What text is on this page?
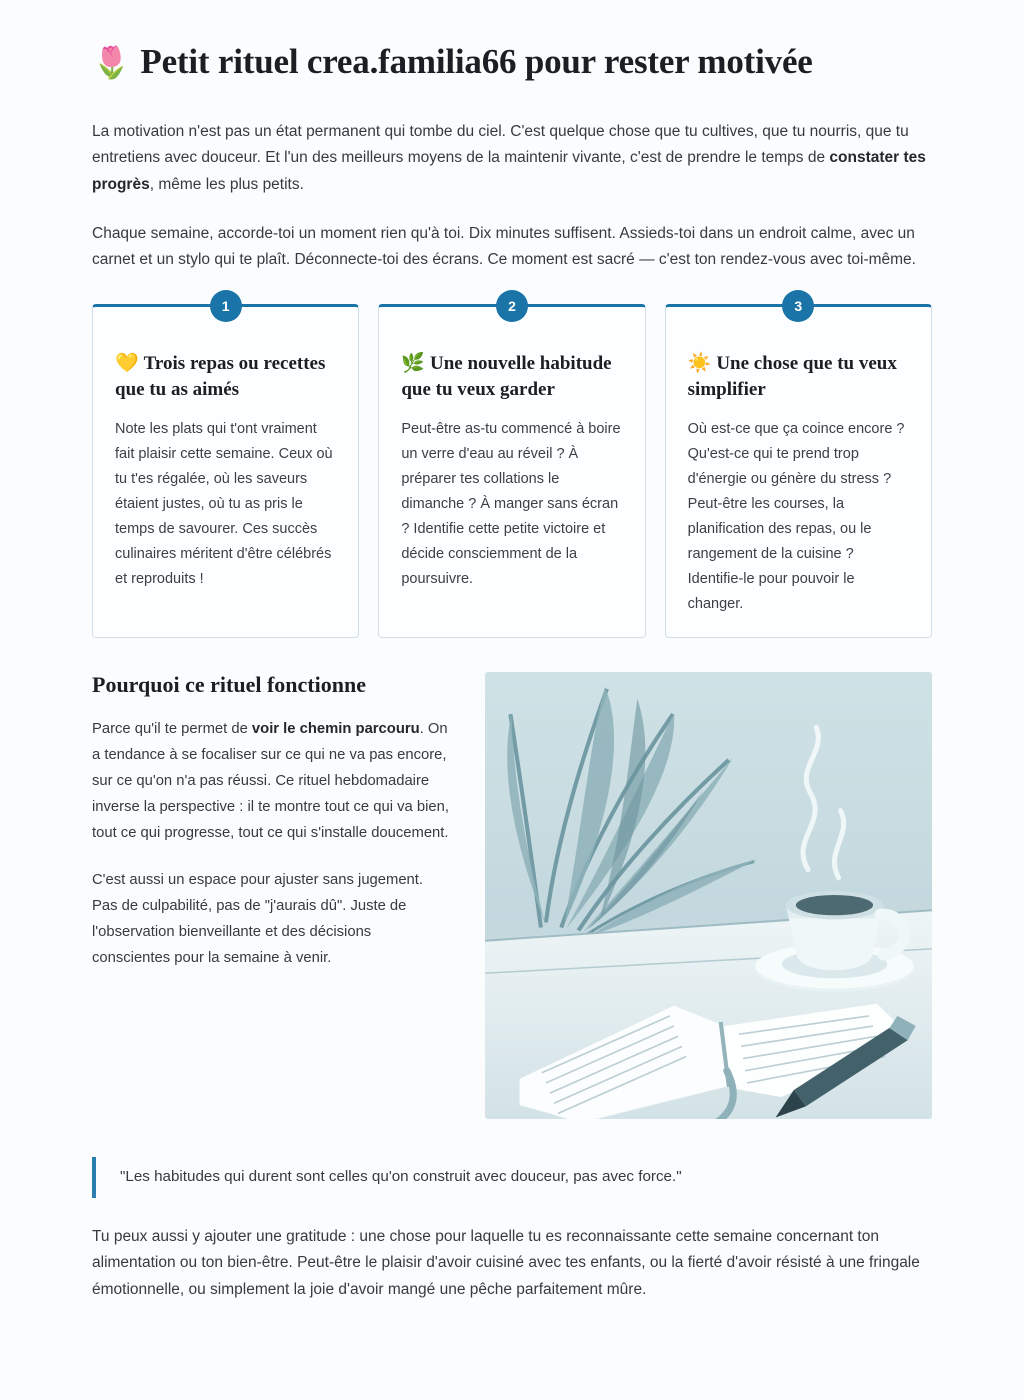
🌷 Petit rituel crea.familia66 pour rester motivée

La motivation n'est pas un état permanent qui tombe du ciel. C'est quelque chose que tu cultives, que tu nourris, que tu entretiens avec douceur. Et l'un des meilleurs moyens de la maintenir vivante, c'est de prendre le temps de constater tes progrès, même les plus petits.

Chaque semaine, accorde-toi un moment rien qu'à toi. Dix minutes suffisent. Assieds-toi dans un endroit calme, avec un carnet et un stylo qui te plaît. Déconnecte-toi des écrans. Ce moment est sacré — c'est ton rendez-vous avec toi-même.

1
💛 Trois repas ou recettes que tu as aimés

Note les plats qui t'ont vraiment fait plaisir cette semaine. Ceux où tu t'es régalée, où les saveurs étaient justes, où tu as pris le temps de savourer. Ces succès culinaires méritent d'être célébrés et reproduits !

2
🌿 Une nouvelle habitude que tu veux garder

Peut-être as-tu commencé à boire un verre d'eau au réveil ? À préparer tes collations le dimanche ? À manger sans écran ? Identifie cette petite victoire et décide consciemment de la poursuivre.

3
☀️ Une chose que tu veux simplifier

Où est-ce que ça coince encore ? Qu'est-ce qui te prend trop d'énergie ou génère du stress ? Peut-être les courses, la planification des repas, ou le rangement de la cuisine ? Identifie-le pour pouvoir le changer.

Pourquoi ce rituel fonctionne

Parce qu'il te permet de voir le chemin parcouru. On a tendance à se focaliser sur ce qui ne va pas encore, sur ce qu'on n'a pas réussi. Ce rituel hebdomadaire inverse la perspective : il te montre tout ce qui va bien, tout ce qui progresse, tout ce qui s'installe doucement.

C'est aussi un espace pour ajuster sans jugement. Pas de culpabilité, pas de "j'aurais dû". Juste de l'observation bienveillante et des décisions conscientes pour la semaine à venir.

"Les habitudes qui durent sont celles qu'on construit avec douceur, pas avec force."

Tu peux aussi y ajouter une gratitude : une chose pour laquelle tu es reconnaissante cette semaine concernant ton alimentation ou ton bien-être. Peut-être le plaisir d'avoir cuisiné avec tes enfants, ou la fierté d'avoir résisté à une fringale émotionnelle, ou simplement la joie d'avoir mangé une pêche parfaitement mûre.
